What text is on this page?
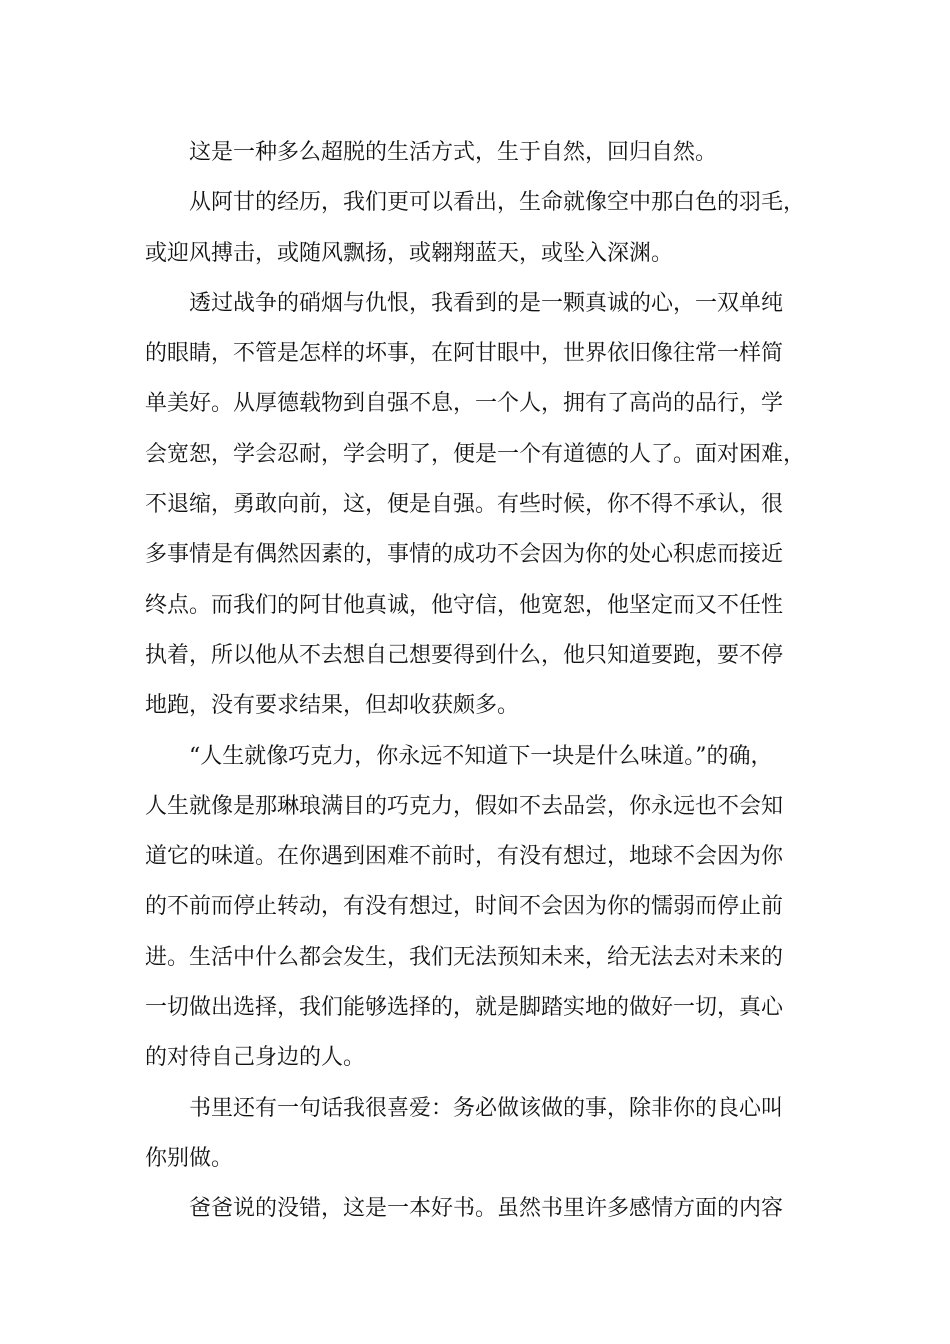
这是一种多么超脱的生活方式，生于自然，回归自然。
从阿甘的经历，我们更可以看出，生命就像空中那白色的羽毛，
或迎风搏击，或随风飘扬，或翱翔蓝天，或坠入深渊。
透过战争的硝烟与仇恨，我看到的是一颗真诚的心，一双单纯
的眼睛，不管是怎样的坏事，在阿甘眼中，世界依旧像往常一样简
单美好。从厚德载物到自强不息，一个人，拥有了高尚的品行，学
会宽恕，学会忍耐，学会明了，便是一个有道德的人了。面对困难，
不退缩，勇敢向前，这，便是自强。有些时候，你不得不承认，很
多事情是有偶然因素的，事情的成功不会因为你的处心积虑而接近
终点。而我们的阿甘他真诚，他守信，他宽恕，他坚定而又不任性
执着，所以他从不去想自己想要得到什么，他只知道要跑，要不停
地跑，没有要求结果，但却收获颇多。
“人生就像巧克力，你永远不知道下一块是什么味道。”的确，
人生就像是那琳琅满目的巧克力，假如不去品尝，你永远也不会知
道它的味道。在你遇到困难不前时，有没有想过，地球不会因为你
的不前而停止转动，有没有想过，时间不会因为你的懦弱而停止前
进。生活中什么都会发生，我们无法预知未来，给无法去对未来的
一切做出选择，我们能够选择的，就是脚踏实地的做好一切，真心
的对待自己身边的人。
书里还有一句话我很喜爱：务必做该做的事，除非你的良心叫
你别做。
爸爸说的没错，这是一本好书。虽然书里许多感情方面的内容
